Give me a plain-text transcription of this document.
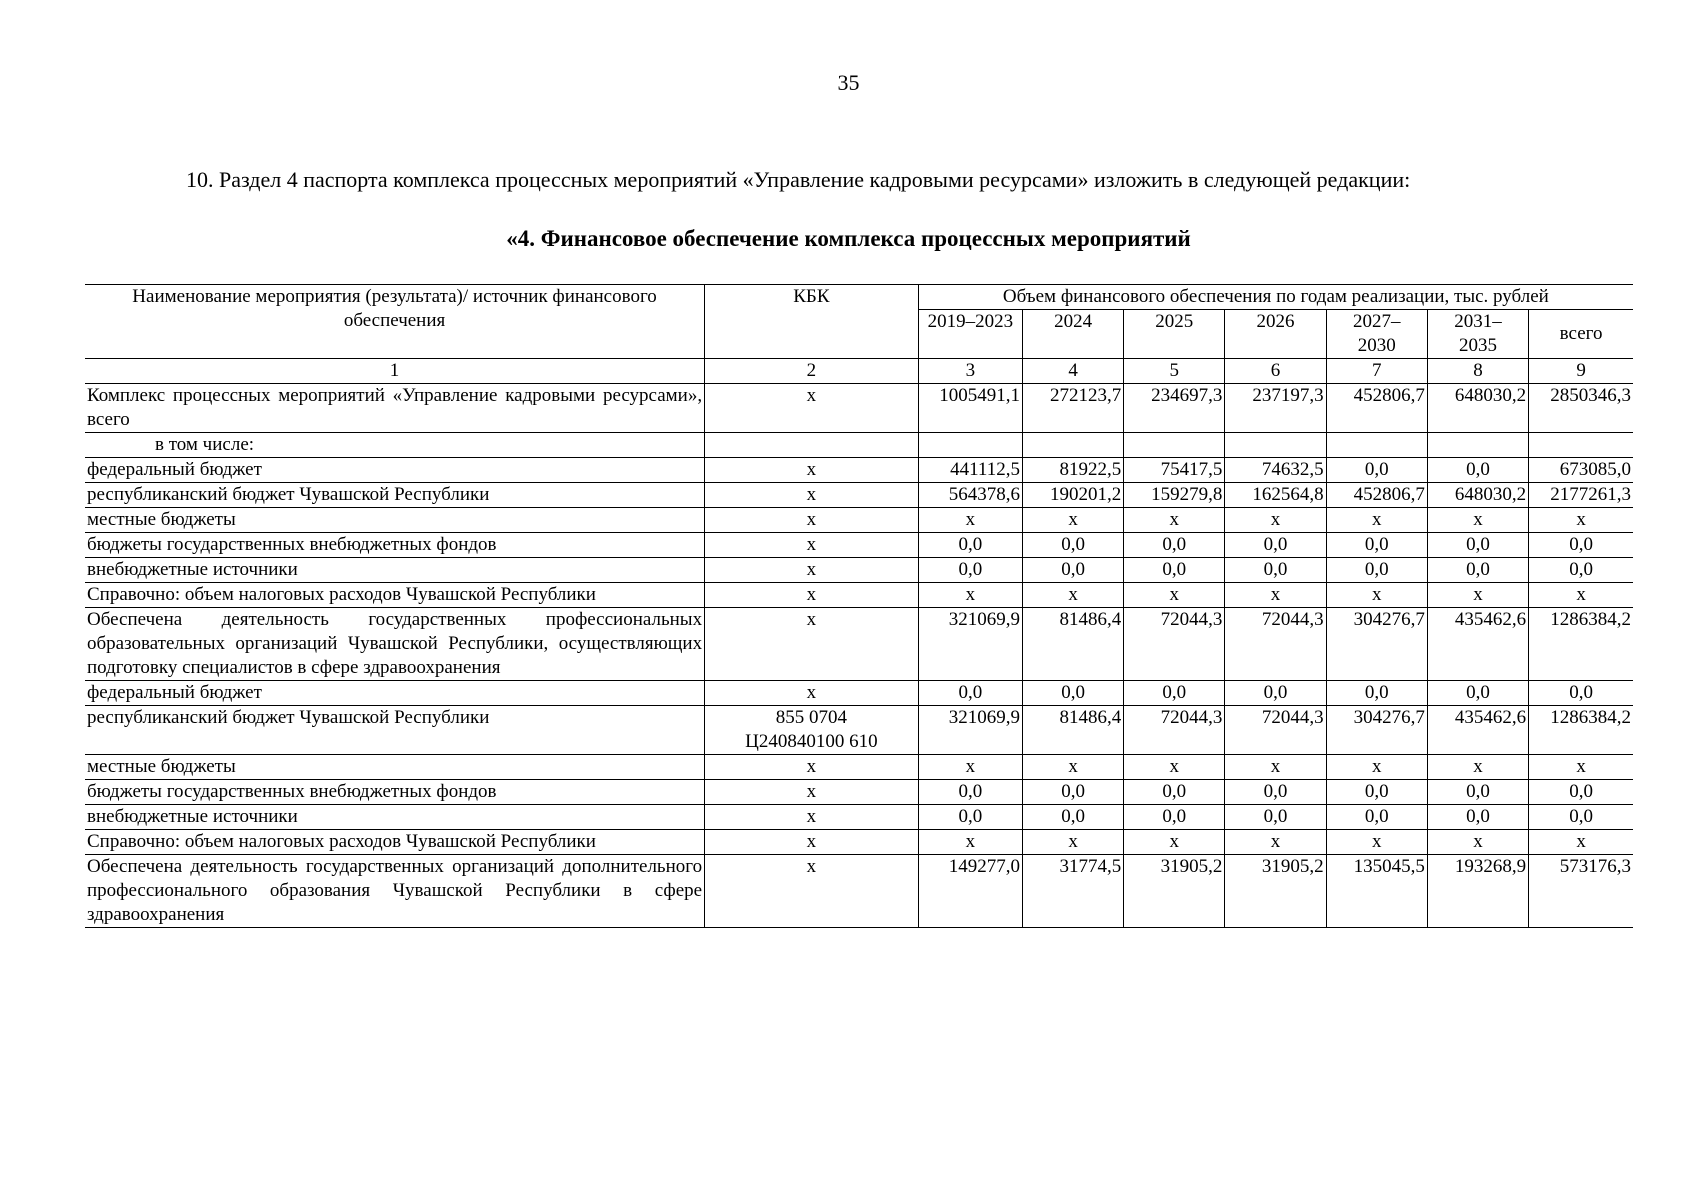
35
10. Раздел 4 паспорта комплекса процессных мероприятий «Управление кадровыми ресурсами» изложить в следующей редакции:
«4. Финансовое обеспечение комплекса процессных мероприятий
Наименование мероприятия (результата)/ источник финансового обеспечения	КБК	Объем финансового обеспечения по годам реализации, тыс. рублей						
		2019–2023	2024	2025	2026	2027–2030	2031–2035	всего
1	2	3	4	5	6	7	8	9
Комплекс процессных мероприятий «Управление кадровыми ресурсами», всего	x	1005491,1	272123,7	234697,3	237197,3	452806,7	648030,2	2850346,3
в том числе:								
федеральный бюджет	x	441112,5	81922,5	75417,5	74632,5	0,0	0,0	673085,0
республиканский бюджет Чувашской Республики	x	564378,6	190201,2	159279,8	162564,8	452806,7	648030,2	2177261,3
местные бюджеты	x	x	x	x	x	x	x	x
бюджеты государственных внебюджетных фондов	x	0,0	0,0	0,0	0,0	0,0	0,0	0,0
внебюджетные источники	x	0,0	0,0	0,0	0,0	0,0	0,0	0,0
Справочно: объем налоговых расходов Чувашской Республики	x	x	x	x	x	x	x	x
Обеспечена деятельность государственных профессиональных образовательных организаций Чувашской Республики, осуществляющих подготовку специалистов в сфере здравоохранения	x	321069,9	81486,4	72044,3	72044,3	304276,7	435462,6	1286384,2
федеральный бюджет	x	0,0	0,0	0,0	0,0	0,0	0,0	0,0
республиканский бюджет Чувашской Республики	855 0704 Ц240840100 610	321069,9	81486,4	72044,3	72044,3	304276,7	435462,6	1286384,2
местные бюджеты	x	x	x	x	x	x	x	x
бюджеты государственных внебюджетных фондов	x	0,0	0,0	0,0	0,0	0,0	0,0	0,0
внебюджетные источники	x	0,0	0,0	0,0	0,0	0,0	0,0	0,0
Справочно: объем налоговых расходов Чувашской Республики	x	x	x	x	x	x	x	x
Обеспечена деятельность государственных организаций дополнительного профессионального образования Чувашской Республики в сфере здравоохранения	x	149277,0	31774,5	31905,2	31905,2	135045,5	193268,9	573176,3
